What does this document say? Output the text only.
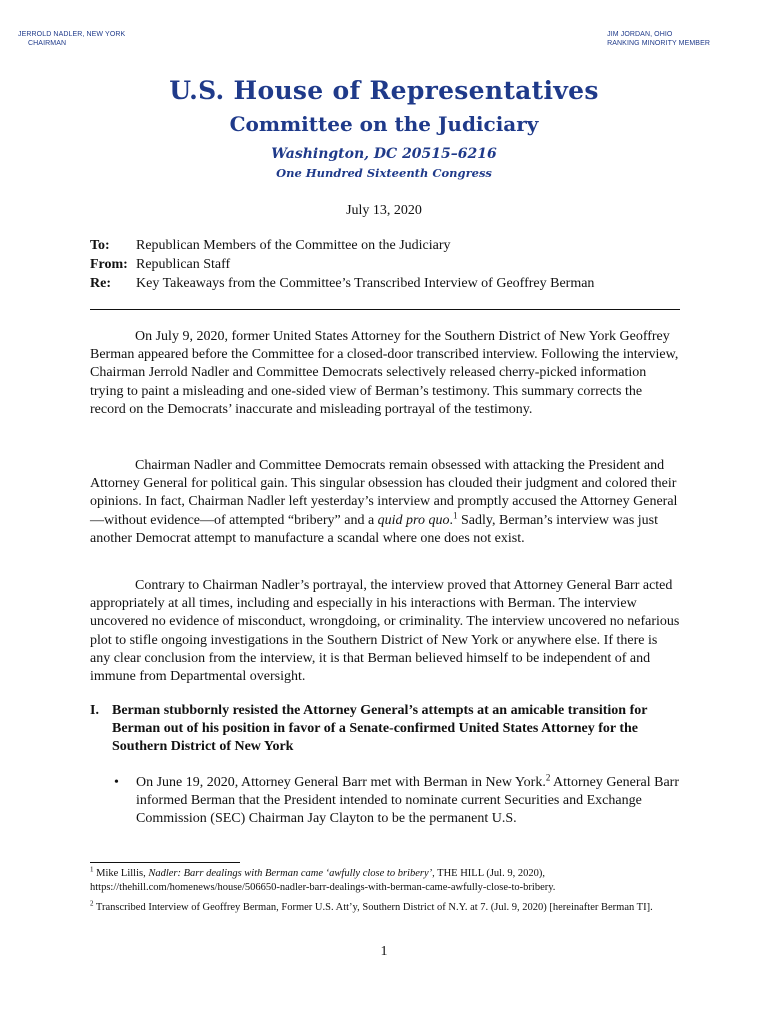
JERROLD NADLER, NEW YORK
CHAIRMAN
JIM JORDAN, OHIO
RANKING MINORITY MEMBER
U.S. House of Representatives
Committee on the Judiciary
Washington, DC 20515–6216
One Hundred Sixteenth Congress
July 13, 2020
To: Republican Members of the Committee on the Judiciary
From: Republican Staff
Re: Key Takeaways from the Committee’s Transcribed Interview of Geoffrey Berman

On July 9, 2020, former United States Attorney for the Southern District of New York Geoffrey Berman appeared before the Committee for a closed-door transcribed interview. Following the interview, Chairman Jerrold Nadler and Committee Democrats selectively released cherry-picked information trying to paint a misleading and one-sided view of Berman’s testimony. This summary corrects the record on the Democrats’ inaccurate and misleading portrayal of the testimony.

Chairman Nadler and Committee Democrats remain obsessed with attacking the President and Attorney General for political gain. This singular obsession has clouded their judgment and colored their opinions. In fact, Chairman Nadler left yesterday’s interview and promptly accused the Attorney General—without evidence—of attempted “bribery” and a quid pro quo.$^1$ Sadly, Berman’s interview was just another Democrat attempt to manufacture a scandal where one does not exist.

Contrary to Chairman Nadler’s portrayal, the interview proved that Attorney General Barr acted appropriately at all times, including and especially in his interactions with Berman. The interview uncovered no evidence of misconduct, wrongdoing, or criminality. The interview uncovered no nefarious plot to stifle ongoing investigations in the Southern District of New York or anywhere else. If there is any clear conclusion from the interview, it is that Berman believed himself to be independent of and immune from Departmental oversight.

I. Berman stubbornly resisted the Attorney General’s attempts at an amicable transition for Berman out of his position in favor of a Senate-confirmed United States Attorney for the Southern District of New York
• On June 19, 2020, Attorney General Barr met with Berman in New York.$^2$ Attorney General Barr informed Berman that the President intended to nominate current Securities and Exchange Commission (SEC) Chairman Jay Clayton to be the permanent U.S.
$^1$ Mike Lillis, Nadler: Barr dealings with Berman came ‘awfully close to bribery’, THE HILL (Jul. 9, 2020), https://thehill.com/homenews/house/506650-nadler-barr-dealings-with-berman-came-awfully-close-to-bribery.
$^2$ Transcribed Interview of Geoffrey Berman, Former U.S. Att’y, Southern District of N.Y. at 7. (Jul. 9, 2020) [hereinafter Berman TI].
1
